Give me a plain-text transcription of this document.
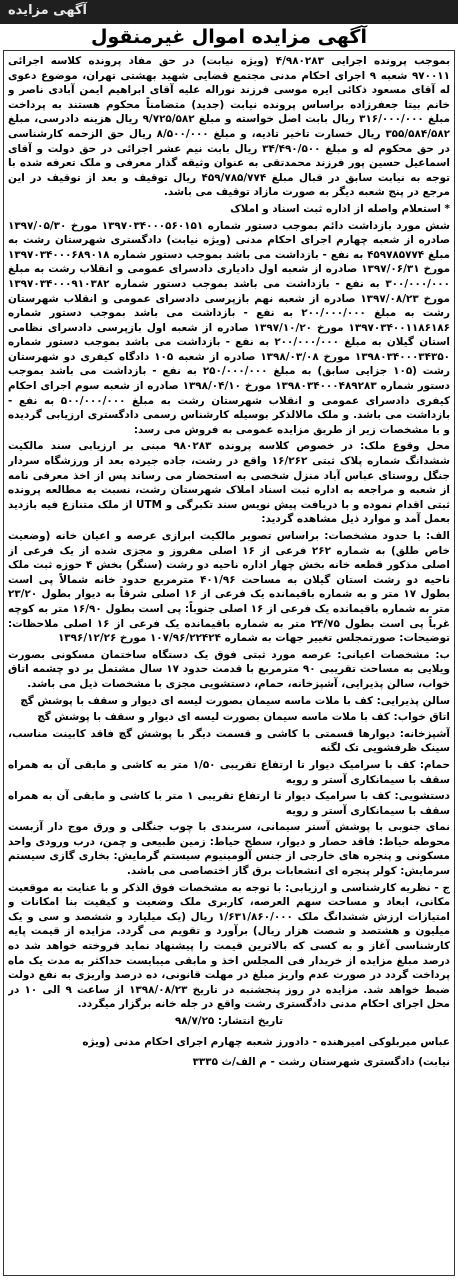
آگهی مزایده
آگهی مزایده اموال غیرمنقول

بموجب پرونده اجرایی ۴/۹۸۰۲۸۳ (ویژه نیابت) در حق مفاد پرونده کلاسه اجرائی ۹۷۰۰۱۱ شعبه ۹ اجرای احکام مدنی مجتمع قضایی شهید بهشتی تهران، موضوع دعوی له آقای مسعود ذکائی ایره موسی فرزند نوراله علیه آقای ابراهیم ایمن آبادی ناصر و خانم بیتا جعفرزاده براساس پرونده نیابت (جدید) متضامناً محکوم هستند به پرداخت مبلغ ۳۱۶/۰۰۰/۰۰۰ ریال بابت اصل خواسته و مبلغ ۹/۷۲۵/۵۸۲ ریال هزینه دادرسی، مبلغ ۳۵۵/۵۸۴/۵۸۲ ریال خسارت تاخیر تادیه، و مبلغ ۸/۵۰۰/۰۰۰ ریال حق الزحمه کارشناسی در حق محکوم له و مبلغ ۳۴/۴۹۰/۵۰۰ ریال بابت نیم عشر اجرائی در حق دولت و آقای اسماعیل حسین پور فرزند محمدتقی به عنوان وثیقه گذار معرفی و ملک تعرفه شده با توجه به نیابت سابق در قبال مبلغ ۴۵۹/۷۸۵/۷۷۴ ریال توقیف و بعد از توقیف در این مرجع در پنج شعبه دیگر به صورت مازاد توقیف می باشد.

* استعلام واصله از اداره ثبت اسناد و املاک

شش مورد بازداشت دائم بموجب دستور شماره ۱۳۹۷۰۳۴۰۰۰۵۶۰۱۵۱ مورخ ۱۳۹۷/۰۵/۳۰ صادره از شعبه چهارم اجرای احکام مدنی (ویژه نیابت) دادگستری شهرستان رشت به مبلغ ۴۵۹۷۸۵۷۷۴ به نفع - بازداشت می باشد بموجب دستور شماره ۱۳۹۷۰۳۴۰۰۰۶۸۹۰۱۸ مورخ ۱۳۹۷/۰۶/۳۱ صادره از شعبه اول دادیاری دادسرای عمومی و انقلاب رشت به مبلغ ۳۰۰/۰۰۰/۰۰۰ به نفع - بازداشت می باشد بموجب دستور شماره ۱۳۹۷۰۳۴۰۰۰۹۱۰۳۸۲ مورخ ۱۳۹۷/۰۸/۲۳ صادره از شعبه نهم بازپرسی دادسرای عمومی و انقلاب شهرستان رشت به مبلغ ۲۰۰/۰۰۰/۰۰۰ به نفع - بازداشت می باشد بموجب دستور شماره ۱۳۹۷۰۳۴۰۰۱۱۸۶۱۸۶ مورخ ۱۳۹۷/۱۰/۲۰ صادره از شعبه اول بازپرسی دادسرای نظامی استان گیلان به مبلغ ۲۰۰/۰۰۰/۰۰۰ به نفع - بازداشت می باشد بموجب دستور شماره ۱۳۹۸۰۳۴۰۰۰۳۴۳۵۰ مورخ ۱۳۹۸/۰۳/۰۸ صادره از شعبه ۱۰۵ دادگاه کیفری دو شهرستان رشت (۱۰۵ جزایی سابق) به مبلغ ۲۵۰/۰۰۰/۰۰۰ به نفع - بازداشت می باشد بموجب دستور شماره ۱۳۹۸۰۳۴۰۰۰۴۸۹۲۸۳ مورخ ۱۳۹۸/۰۴/۱۰ صادره از شعبه سوم اجرای احکام کیفری دادسرای عمومی و انقلاب شهرستان رشت به مبلغ ۵۰۰/۰۰۰/۰۰۰ به نفع - بازداشت می باشد. و ملک مالالذکر بوسیله کارشناس رسمی دادگستری ارزیابی گردیده و با مشخصات زیر از طریق مزایده عمومی به فروش می رسد:

محل وقوع ملک: در خصوص کلاسه پرونده ۹۸۰۲۸۳ مبنی بر ارزیابی سند مالکیت ششدانگ شماره پلاک ثبتی ۱۶/۲۶۲ واقع در رشت، جاده جیرده بعد از ورزشگاه سردار جنگل روستای عباس آباد منزل شخصی به استحضار می رساند پس از اخذ معرفی نامه از شعبه و مراجعه به اداره ثبت اسناد املاک شهرستان رشت، نسبت به مطالعه پرونده ثبتی اقدام نموده و با دریافت پیش نویس سند تکبرگی و UTM از ملک متنازع فیه بازدید بعمل آمد و موارد ذیل مشاهده گردید:

الف: با حدود مشخصات: براساس تصویر مالکیت ابرازی عرصه و اعیان خانه (وضعیت خاص طلق) به شماره ۲۶۲ فرعی از ۱۶ اصلی مفروز و مجزی شده از یک فرعی از اصلی مذکور قطعه خانه بخش چهار اداره ناحیه دو رشت (سنگر) بخش ۴ حوزه ثبت ملک ناحیه دو رشت استان گیلان به مساحت ۴۰۱/۹۶ مترمربع حدود خانه شمالاً پی است بطول ۱۷ متر و به شماره باقیمانده یک فرعی از ۱۶ اصلی شرقاً به دیوار بطول ۲۳/۲۰ متر به شماره باقیمانده یک فرعی از ۱۶ اصلی جنوباً: پی است بطول ۱۶/۹۰ متر به کوچه غرباً پی است بطول ۲۴/۷۵ متر به شماره باقیمانده یک فرعی از ۱۶ اصلی ملاحظات: توضیحات: صورتمجلس تغییر جهات به شماره ۱۰۷/۹۶/۲۲۴۲۴ مورخ ۱۳۹۶/۱۲/۲۶

ب: مشخصات اعیانی: عرصه مورد ثبتی فوق یک دستگاه ساختمان مسکونی بصورت ویلایی به مساحت تقریبی ۹۰ مترمربع با قدمت حدود ۱۷ سال مشتمل بر دو چشمه اتاق خواب، سالن پذیرایی، آشپزخانه، حمام، دستشویی مجزی با مشخصات ذیل می باشد.

سالن پذیرایی: کف با ملات ماسه سیمان بصورت لیسه ای دیوار و سقف با پوشش گچ

اتاق خواب: کف با ملات ماسه سیمان بصورت لیسه ای دیوار و سقف با پوشش گچ

آشپزخانه: دیوارها قسمتی با کاشی و قسمت دیگر با پوشش گچ فاقد کابینت مناسب، سینک ظرفشویی تک لگنه

حمام: کف با سرامیک دیوار تا ارتفاع تقریبی ۱/۵۰ متر به کاشی و مابقی آن به همراه سقف با سیمانکاری آستر و رویه

دستشویی: کف با سرامیک دیوار تا ارتفاع تقریبی ۱ متر با کاشی و مابقی آن به همراه سقف با سیمانکاری آستر و رویه

نمای جنوبی با پوشش آستر سیمانی، سربندی با چوب جنگلی و ورق موج دار آزبست محوطه حیاط: فاقد حصار و دیوار، سطح حیاط: زمین طبیعی و چمن، درب ورودی واحد مسکونی و پنجره های خارجی از جنس آلومینیوم سیستم گرمایش: بخاری گازی سیستم سرمایش: کولر پنجره ای انشعابات برق گاز اختصاصی می باشد.

ج - نظریه کارشناسی و ارزیابی: با توجه به مشخصات فوق الذکر و با عنایت به موقعیت مکانی، ابعاد و مساحت سهم العرصه، کاربری ملک وضعیت و کیفیت بنا امکانات و امتیازات ارزش ششدانگ ملک ۱/۶۳۱/۸۶۰/۰۰۰ ریال (یک میلیارد و ششصد و سی و یک میلیون و هشتصد و شصت هزار ریال) برآورد و تقویم می گردد. مزایده از قیمت پایه کارشناسی آغاز و به کسی که بالاترین قیمت را پیشنهاد نماید فروخته خواهد شد ده درصد مبلغ مزایده از خریدار فی المجلس اخذ و مابقی میبایست حداکثر به مدت یک ماه پرداخت گردد در صورت عدم واریز مبلغ در مهلت قانونی، ده درصد واریزی به نفع دولت ضبط خواهد شد. مزایده در روز پنجشنبه در تاریخ ۱۳۹۸/۰۸/۲۳ از ساعت ۹ الی ۱۰ در محل اجرای احکام مدنی دادگستری رشت واقع در جله خانه برگزار میگردد.

تاریخ انتشار: ۹۸/۷/۲۵

عباس میربلوکی امیرهنده - دادورز شعبه چهارم اجرای احکام مدنی (ویژه

نیابت) دادگستری شهرستان رشت - م الف/ث ۳۳۳۵
